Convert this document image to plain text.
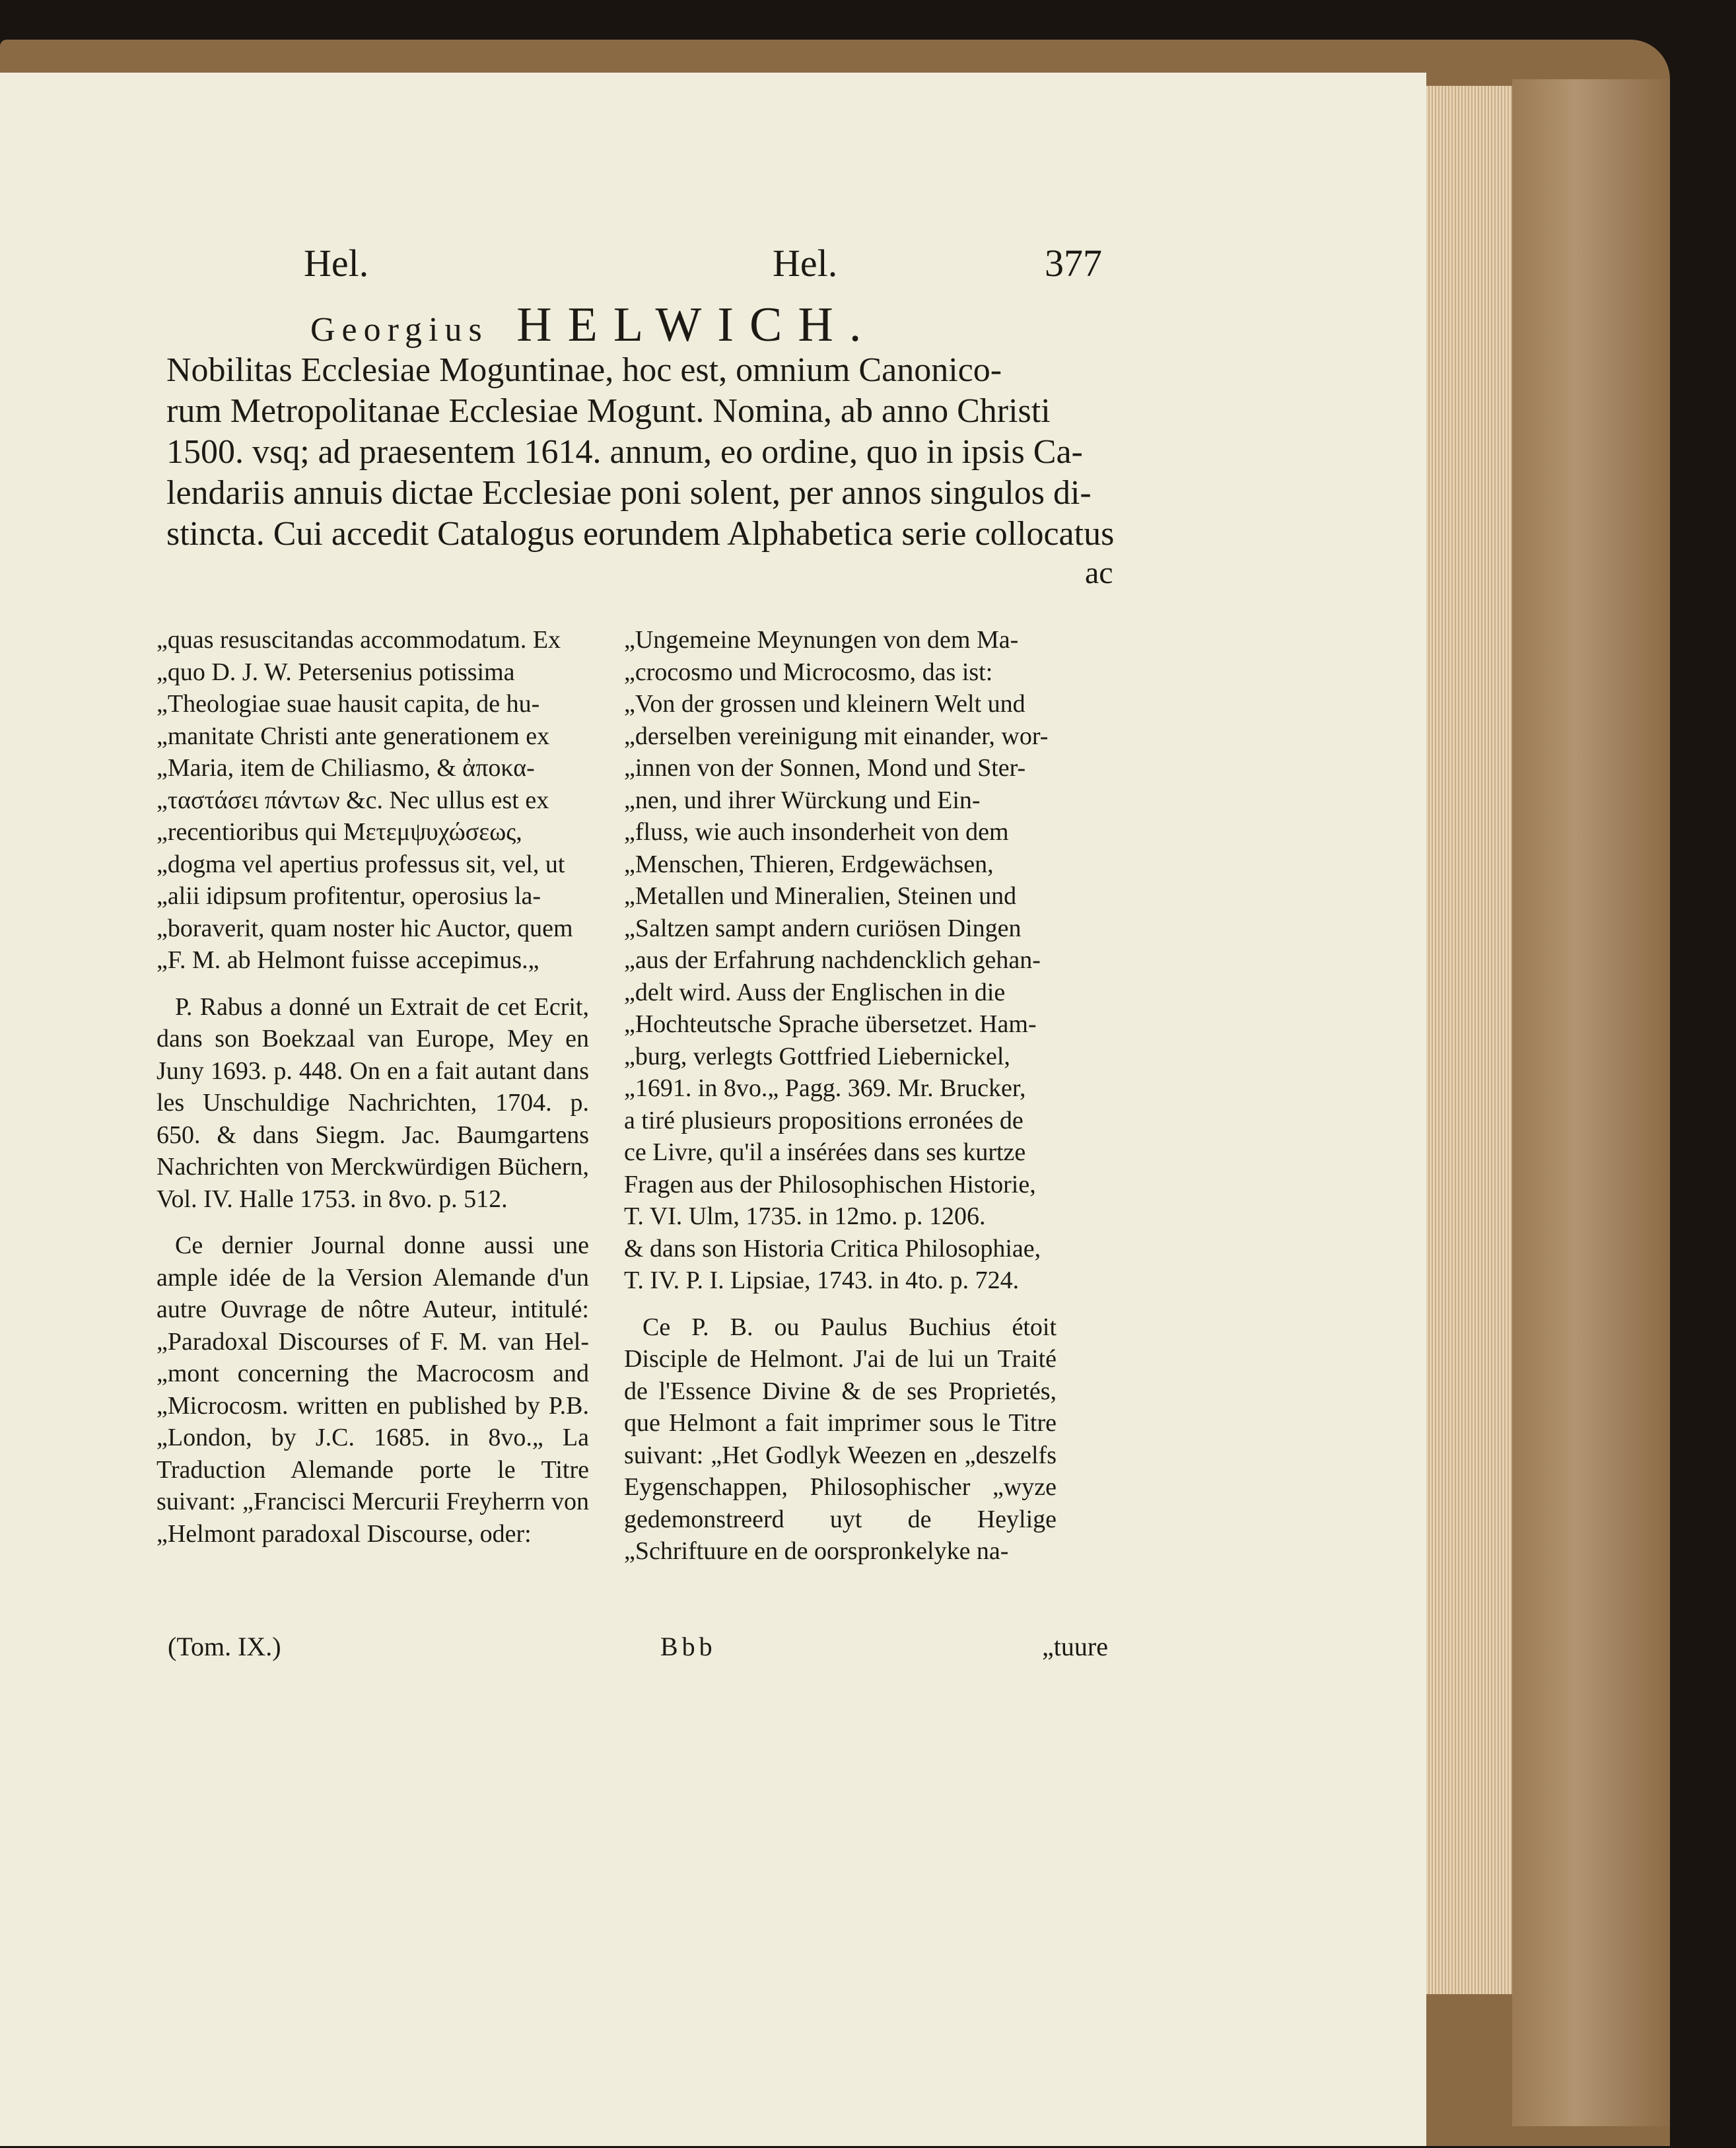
Hel.	Hel.	377
Georgius HELWICH.
Nobilitas Ecclesiae Moguntinae, hoc est, omnium Canonico-
rum Metropolitanae Ecclesiae Mogunt. Nomina, ab anno Christi
1500. vsq; ad praesentem 1614. annum, eo ordine, quo in ipsis Ca-
lendariis annuis dictae Ecclesiae poni solent, per annos singulos di-
stincta. Cui accedit Catalogus eorundem Alphabetica serie collocatus
ac

„quas resuscitandas accommodatum. Ex
„quo D. J. W. Petersenius potissima
„Theologiae suae hausit capita, de hu-
„manitate Christi ante generationem ex
„Maria, item de Chiliasmo, & ἀποκα-
„ταστάσει πάντων &c. Nec ullus est ex
„recentioribus qui Μετεμψυχώσεως,
„dogma vel apertius professus sit, vel, ut
„alii idipsum profitentur, operosius la-
„boraverit, quam noster hic Auctor, quem
„F. M. ab Helmont fuisse accepimus.„

P. Rabus a donné un Extrait de cet Ecrit, dans son Boekzaal van Europe, Mey en Juny 1693. p. 448. On en a fait autant dans les Unschuldige Nachrichten, 1704. p. 650. & dans Siegm. Jac. Baumgartens Nachrichten von Merckwürdigen Büchern, Vol. IV. Halle 1753. in 8vo. p. 512.

Ce dernier Journal donne aussi une ample idée de la Version Alemande d'un autre Ouvrage de nôtre Auteur, intitulé: „Paradoxal Discourses of F. M. van Hel-„mont concerning the Macrocosm and „Microcosm. written en published by P.B. „London, by J.C. 1685. in 8vo.„ La Traduction Alemande porte le Titre suivant: „Francisci Mercurii Freyherrn von „Helmont paradoxal Discourse, oder:

„Ungemeine Meynungen von dem Ma-
„crocosmo und Microcosmo, das ist:
„Von der grossen und kleinern Welt und
„derselben vereinigung mit einander, wor-
„innen von der Sonnen, Mond und Ster-
„nen, und ihrer Würckung und Ein-
„fluss, wie auch insonderheit von dem
„Menschen, Thieren, Erdgewächsen,
„Metallen und Mineralien, Steinen und
„Saltzen sampt andern curiösen Dingen
„aus der Erfahrung nachdencklich gehan-
„delt wird. Auss der Englischen in die
„Hochteutsche Sprache übersetzet. Ham-
„burg, verlegts Gottfried Liebernickel,
„1691. in 8vo.„ Pagg. 369. Mr. Brucker,
a tiré plusieurs propositions erronées de
ce Livre, qu'il a insérées dans ses kurtze
Fragen aus der Philosophischen Historie,
T. VI. Ulm, 1735. in 12mo. p. 1206.
& dans son Historia Critica Philosophiae,
T. IV. P. I. Lipsiae, 1743. in 4to. p. 724.

Ce P. B. ou Paulus Buchius étoit Disciple de Helmont. J'ai de lui un Traité de l'Essence Divine & de ses Proprietés, que Helmont a fait imprimer sous le Titre suivant: „Het Godlyk Weezen en „deszelfs Eygenschappen, Philosophischer „wyze gedemonstreerd uyt de Heylige „Schriftuure en de oorspronkelyke na-

(Tom. IX.)	Bbb	„tuure
